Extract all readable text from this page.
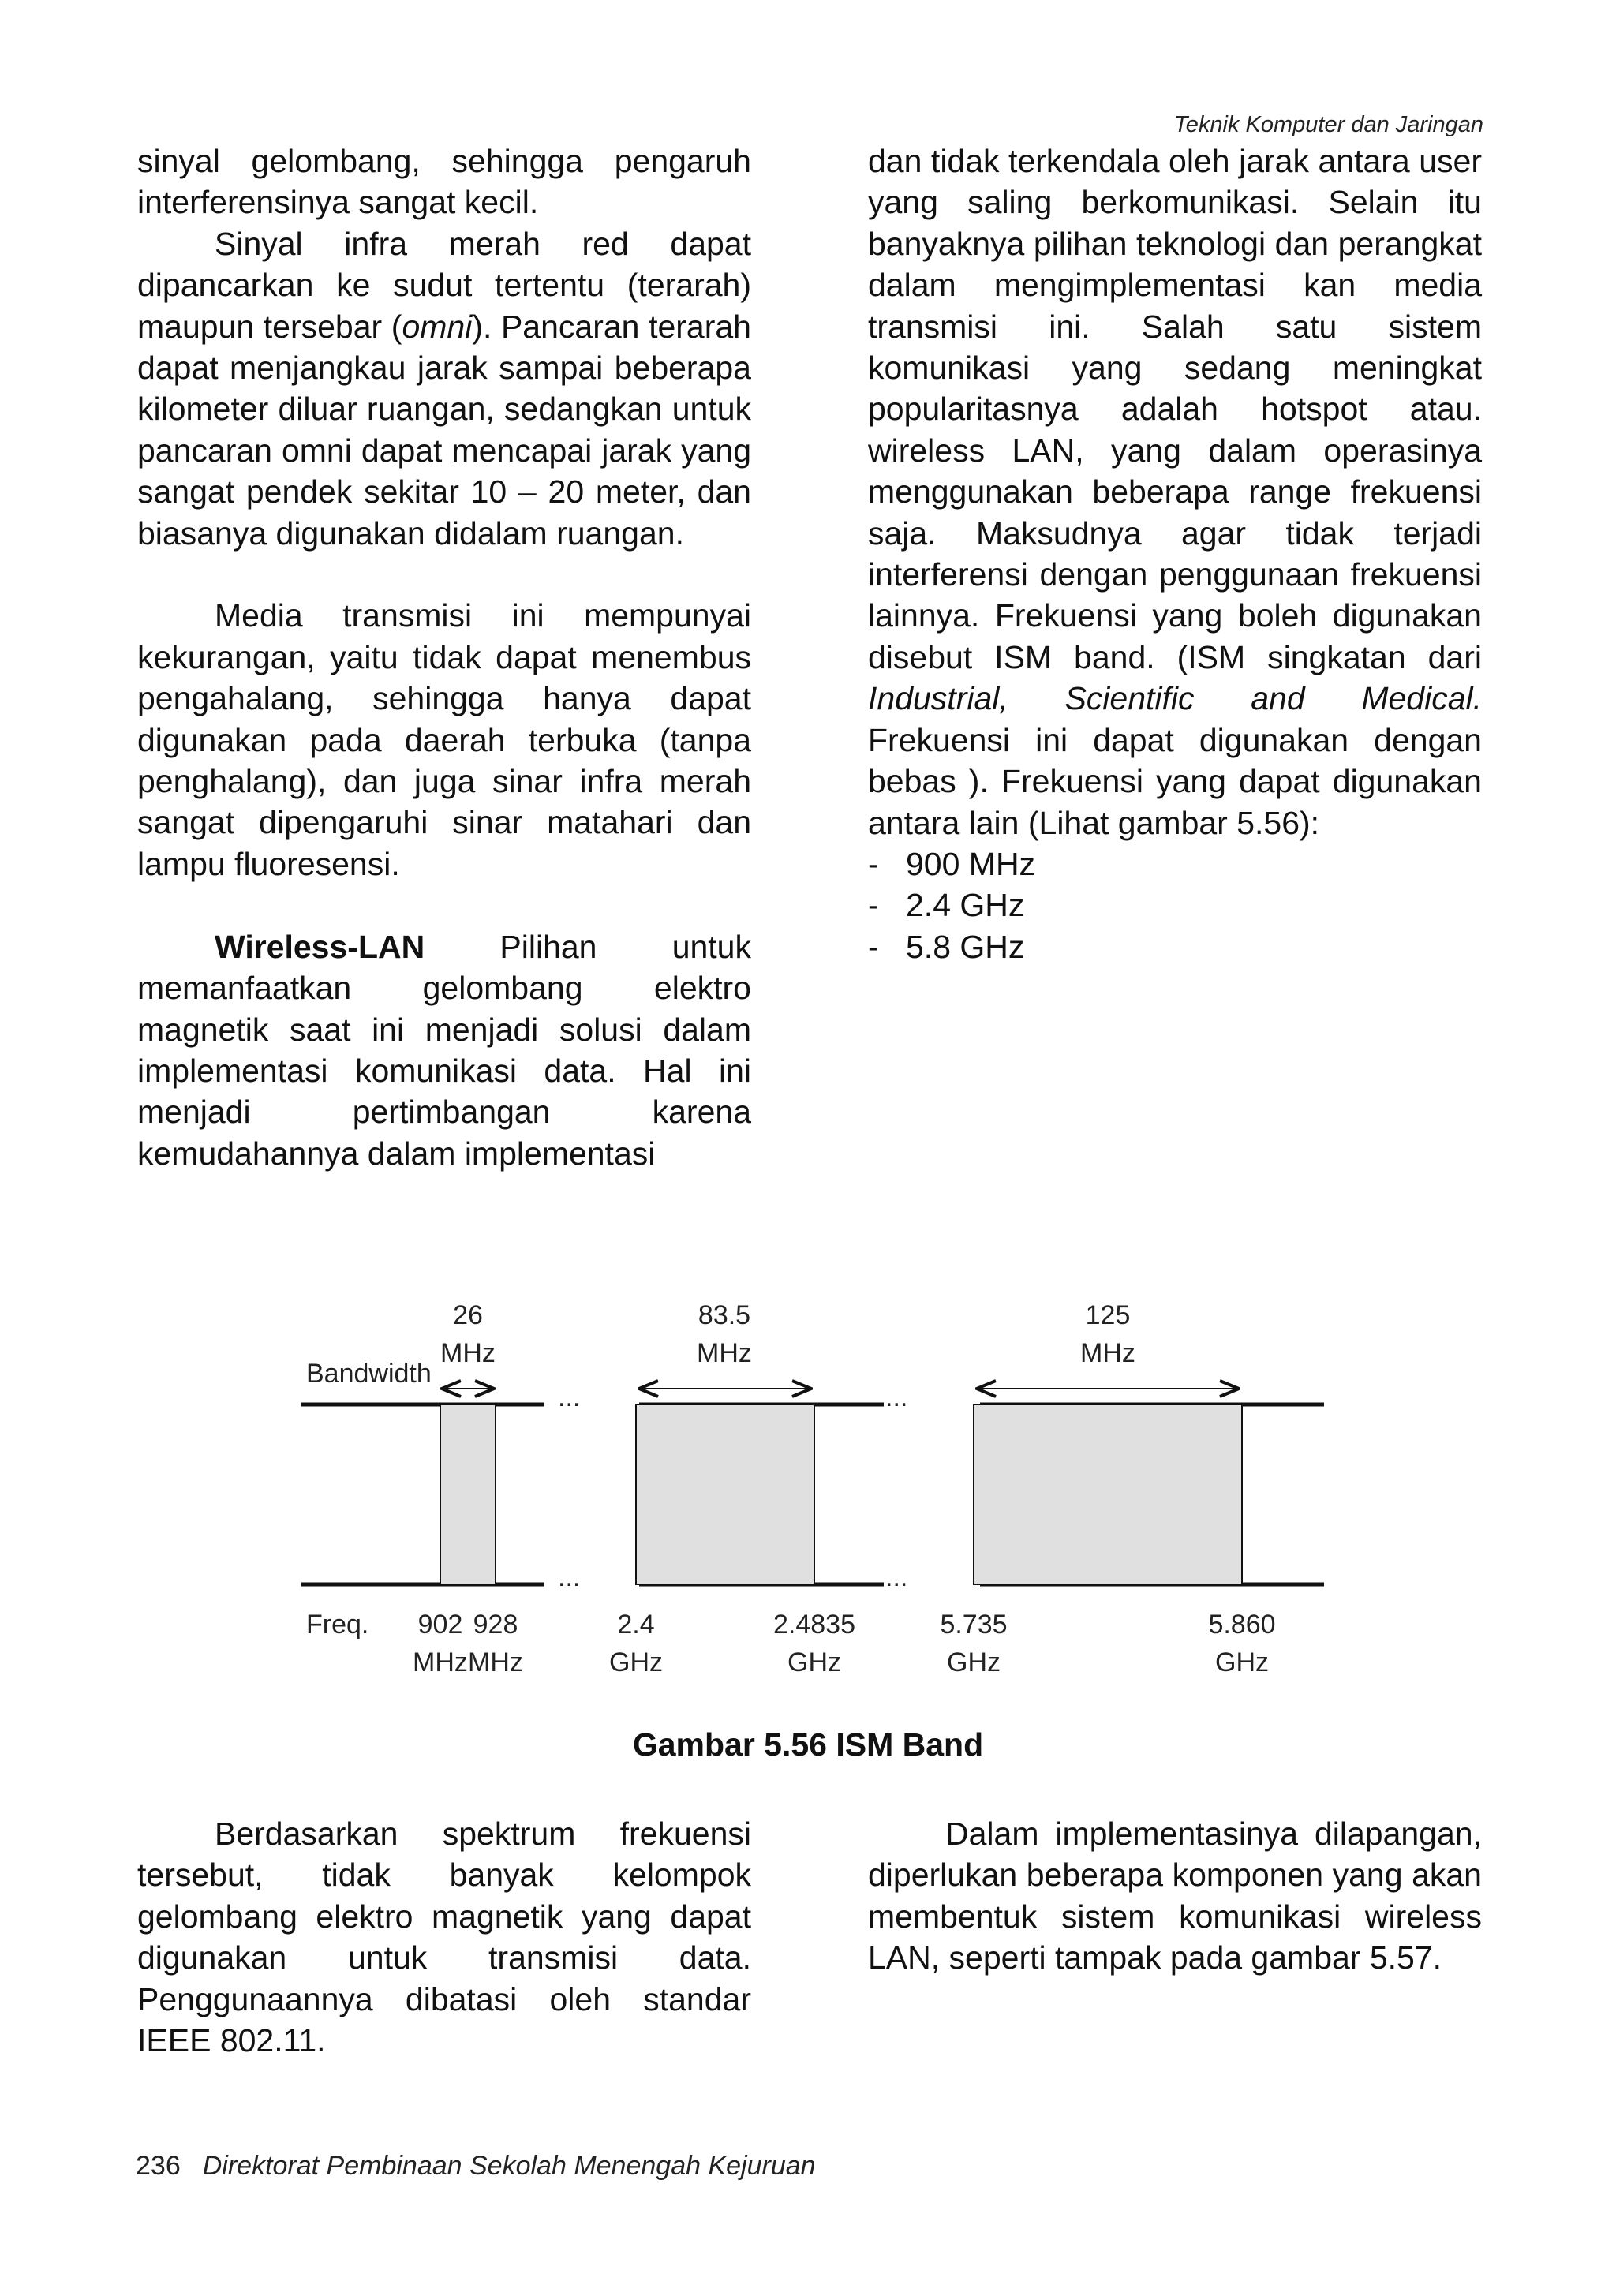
Teknik Komputer dan Jaringan

sinyal gelombang, sehingga pengaruh interferensinya sangat kecil.

Sinyal infra merah red dapat dipancarkan ke sudut tertentu (terarah) maupun tersebar (omni). Pancaran terarah dapat menjangkau jarak sampai beberapa kilometer diluar ruangan, sedangkan untuk pancaran omni dapat mencapai jarak yang sangat pendek sekitar 10 – 20 meter, dan biasanya digunakan didalam ruangan.

Media transmisi ini mempunyai kekurangan, yaitu tidak dapat menembus pengahalang, sehingga hanya dapat digunakan pada daerah terbuka (tanpa penghalang), dan juga sinar infra merah sangat dipengaruhi sinar matahari dan lampu fluoresensi.

Wireless-LAN Pilihan untuk memanfaatkan gelombang elektro magnetik saat ini menjadi solusi dalam implementasi komunikasi data. Hal ini menjadi pertimbangan karena kemudahannya dalam implementasi

dan tidak terkendala oleh jarak antara user yang saling berkomunikasi. Selain itu banyaknya pilihan teknologi dan perangkat dalam mengimplementasi kan media transmisi ini. Salah satu sistem komunikasi yang sedang meningkat popularitasnya adalah hotspot atau. wireless LAN, yang dalam operasinya menggunakan beberapa range frekuensi saja. Maksudnya agar tidak terjadi interferensi dengan penggunaan frekuensi lainnya. Frekuensi yang boleh digunakan disebut ISM band. (ISM singkatan dari Industrial, Scientific and Medical. Frekuensi ini dapat digunakan dengan bebas ). Frekuensi yang dapat digunakan antara lain (Lihat gambar 5.56):

- 900 MHz
- 2.4 GHz
- 5.8 GHz
...	...
...	...
Bandwidth
Freq.
26
MHz
83.5
MHz
125
MHz
902
MHz
928
MHz
2.4
GHz
2.4835
GHz
5.735
GHz
5.860
GHz
Gambar 5.56 ISM Band

Berdasarkan spektrum frekuensi tersebut, tidak banyak kelompok gelombang elektro magnetik yang dapat digunakan untuk transmisi data. Penggunaannya dibatasi oleh standar IEEE 802.11.

Dalam implementasinya dilapangan, diperlukan beberapa komponen yang akan membentuk sistem komunikasi wireless LAN, seperti tampak pada gambar 5.57.

236 Direktorat Pembinaan Sekolah Menengah Kejuruan
